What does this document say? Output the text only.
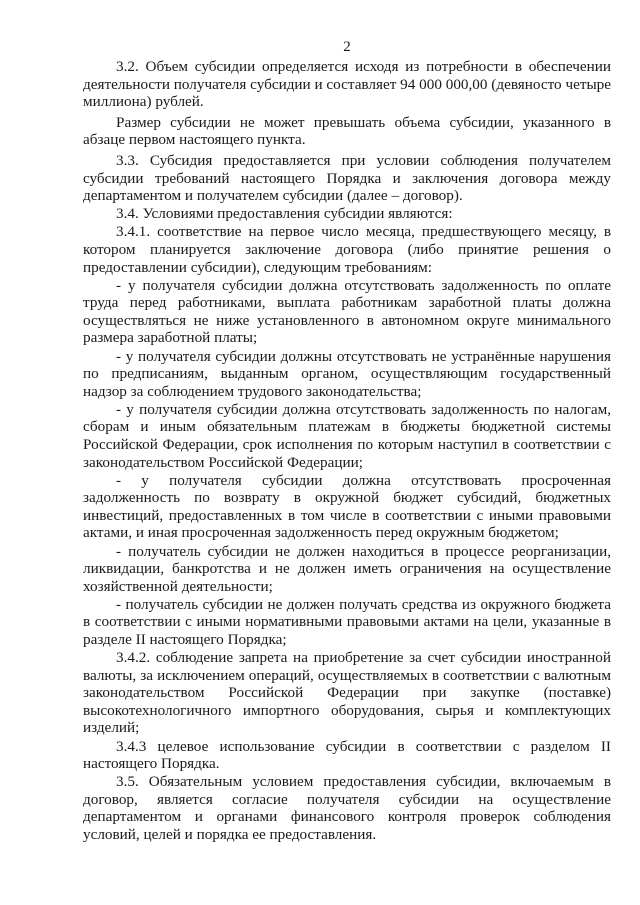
2

3.2. Объем субсидии определяется исходя из потребности в обеспечении деятельности получателя субсидии и составляет 94 000 000,00 (девяносто четыре миллиона) рублей.

Размер субсидии не может превышать объема субсидии, указанного в абзаце первом настоящего пункта.

3.3. Субсидия предоставляется при условии соблюдения получателем субсидии требований настоящего Порядка и заключения договора между департаментом и получателем субсидии (далее – договор).

3.4. Условиями предоставления субсидии являются:

3.4.1. соответствие на первое число месяца, предшествующего месяцу, в котором планируется заключение договора (либо принятие решения о предоставлении субсидии), следующим требованиям:

- у получателя субсидии должна отсутствовать задолженность по оплате труда перед работниками, выплата работникам заработной платы должна осуществляться не ниже установленного в автономном округе минимального размера заработной платы;

- у получателя субсидии должны отсутствовать не устранённые нарушения по предписаниям, выданным органом, осуществляющим государственный надзор за соблюдением трудового законодательства;

- у получателя субсидии должна отсутствовать задолженность по налогам, сборам и иным обязательным платежам в бюджеты бюджетной системы Российской Федерации, срок исполнения по которым наступил в соответствии с законодательством Российской Федерации;

- у получателя субсидии должна отсутствовать просроченная задолженность по возврату в окружной бюджет субсидий, бюджетных инвестиций, предоставленных в том числе в соответствии с иными правовыми актами, и иная просроченная задолженность перед окружным бюджетом;

- получатель субсидии не должен находиться в процессе реорганизации, ликвидации, банкротства и не должен иметь ограничения на осуществление хозяйственной деятельности;

- получатель субсидии не должен получать средства из окружного бюджета в соответствии с иными нормативными правовыми актами на цели, указанные в разделе II настоящего Порядка;

3.4.2. соблюдение запрета на приобретение за счет субсидии иностранной валюты, за исключением операций, осуществляемых в соответствии с валютным законодательством Российской Федерации при закупке (поставке) высокотехнологичного импортного оборудования, сырья и комплектующих изделий;

3.4.3 целевое использование субсидии в соответствии с разделом II настоящего Порядка.

3.5. Обязательным условием предоставления субсидии, включаемым в договор, является согласие получателя субсидии на осуществление департаментом и органами финансового контроля проверок соблюдения условий, целей и порядка ее предоставления.
